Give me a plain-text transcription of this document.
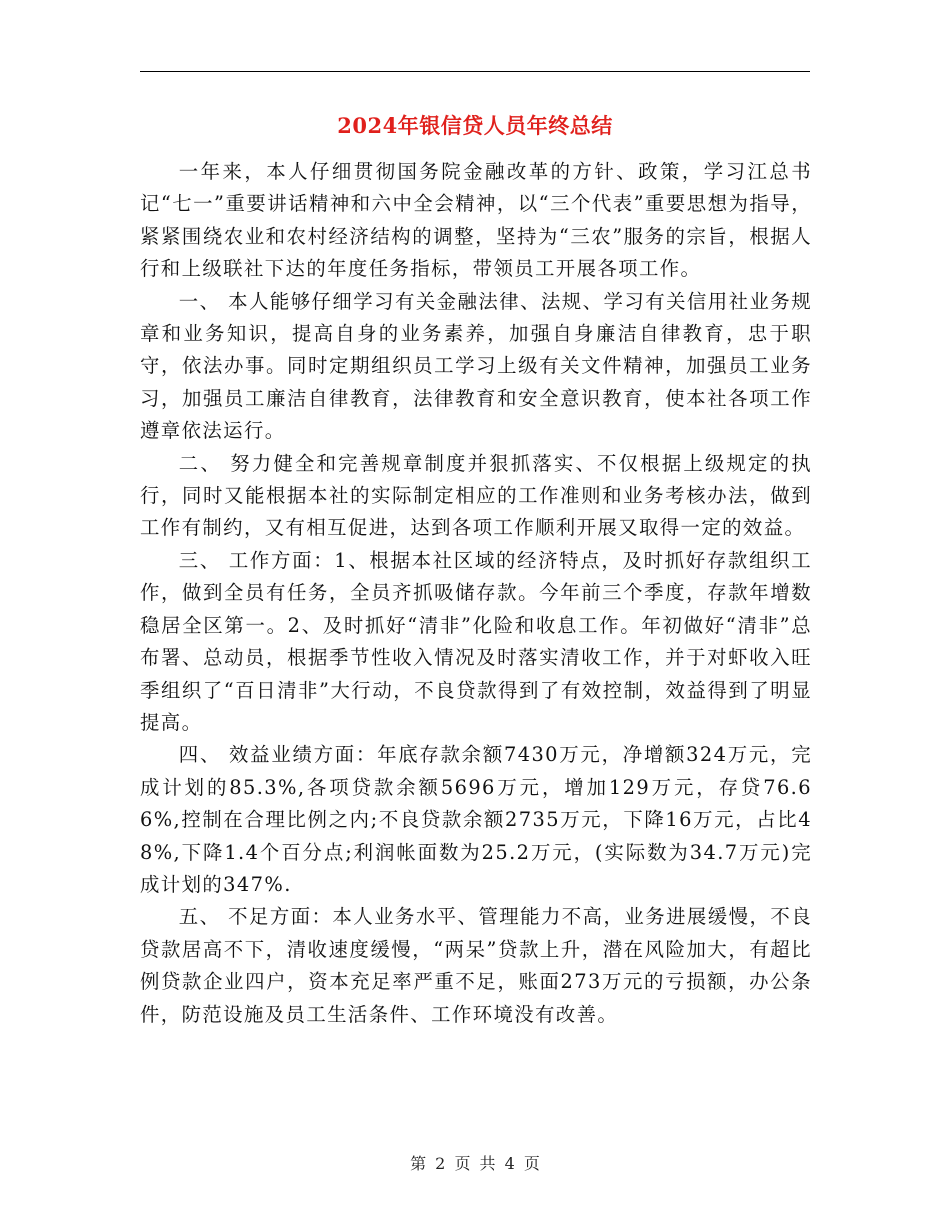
2024年银信贷人员年终总结

一年来，本人仔细贯彻国务院金融改革的方针、政策，学习江总书记“七一”重要讲话精神和六中全会精神，以“三个代表”重要思想为指导，紧紧围绕农业和农村经济结构的调整，坚持为“三农”服务的宗旨，根据人行和上级联社下达的年度任务指标，带领员工开展各项工作。

一、 本人能够仔细学习有关金融法律、法规、学习有关信用社业务规章和业务知识，提高自身的业务素养，加强自身廉洁自律教育，忠于职守，依法办事。同时定期组织员工学习上级有关文件精神，加强员工业务习，加强员工廉洁自律教育，法律教育和安全意识教育，使本社各项工作遵章依法运行。

二、 努力健全和完善规章制度并狠抓落实、不仅根据上级规定的执行，同时又能根据本社的实际制定相应的工作准则和业务考核办法，做到工作有制约，又有相互促进，达到各项工作顺利开展又取得一定的效益。

三、 工作方面：1、根据本社区域的经济特点，及时抓好存款组织工作，做到全员有任务，全员齐抓吸储存款。今年前三个季度，存款年增数稳居全区第一。2、及时抓好“清非”化险和收息工作。年初做好“清非”总布署、总动员，根据季节性收入情况及时落实清收工作，并于对虾收入旺季组织了“百日清非”大行动，不良贷款得到了有效控制，效益得到了明显提高。

四、 效益业绩方面：年底存款余额7430万元，净增额324万元，完成计划的85.3%,各项贷款余额5696万元，增加129万元，存贷76.66%,控制在合理比例之内;不良贷款余额2735万元，下降16万元，占比48%,下降1.4个百分点;利润帐面数为25.2万元，(实际数为34.7万元)完成计划的347%.

五、 不足方面：本人业务水平、管理能力不高，业务进展缓慢，不良贷款居高不下，清收速度缓慢，“两呆”贷款上升，潜在风险加大，有超比例贷款企业四户，资本充足率严重不足，账面273万元的亏损额，办公条件，防范设施及员工生活条件、工作环境没有改善。

第 2 页 共 4 页
